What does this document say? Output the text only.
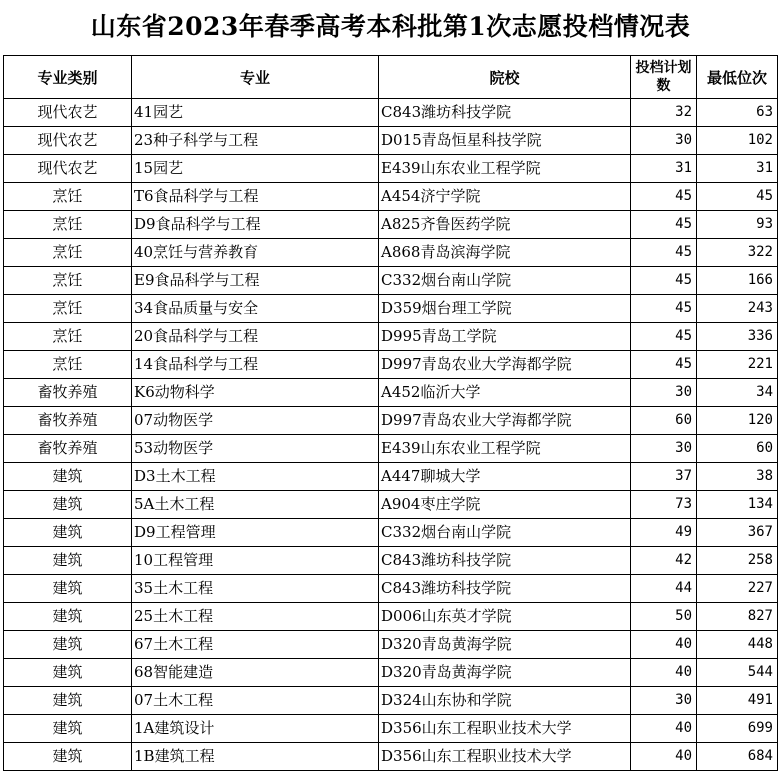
山东省2023年春季高考本科批第1次志愿投档情况表
专业类别	专业	院校	投档计划数	最低位次
现代农艺	41园艺	C843潍坊科技学院	32	63
现代农艺	23种子科学与工程	D015青岛恒星科技学院	30	102
现代农艺	15园艺	E439山东农业工程学院	31	31
烹饪	T6食品科学与工程	A454济宁学院	45	45
烹饪	D9食品科学与工程	A825齐鲁医药学院	45	93
烹饪	40烹饪与营养教育	A868青岛滨海学院	45	322
烹饪	E9食品科学与工程	C332烟台南山学院	45	166
烹饪	34食品质量与安全	D359烟台理工学院	45	243
烹饪	20食品科学与工程	D995青岛工学院	45	336
烹饪	14食品科学与工程	D997青岛农业大学海都学院	45	221
畜牧养殖	K6动物科学	A452临沂大学	30	34
畜牧养殖	07动物医学	D997青岛农业大学海都学院	60	120
畜牧养殖	53动物医学	E439山东农业工程学院	30	60
建筑	D3土木工程	A447聊城大学	37	38
建筑	5A土木工程	A904枣庄学院	73	134
建筑	D9工程管理	C332烟台南山学院	49	367
建筑	10工程管理	C843潍坊科技学院	42	258
建筑	35土木工程	C843潍坊科技学院	44	227
建筑	25土木工程	D006山东英才学院	50	827
建筑	67土木工程	D320青岛黄海学院	40	448
建筑	68智能建造	D320青岛黄海学院	40	544
建筑	07土木工程	D324山东协和学院	30	491
建筑	1A建筑设计	D356山东工程职业技术大学	40	699
建筑	1B建筑工程	D356山东工程职业技术大学	40	684
